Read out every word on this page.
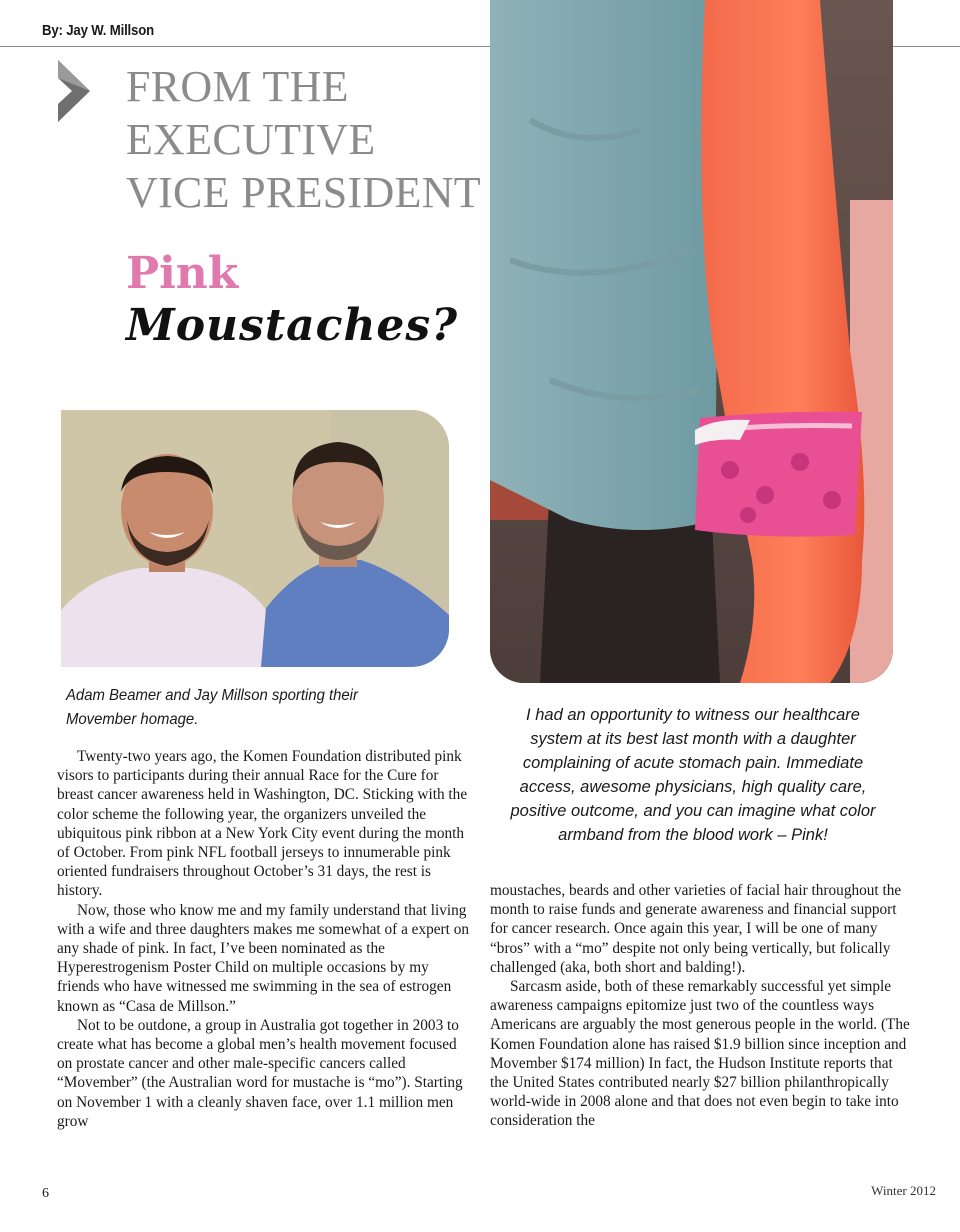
By: Jay W. Millson
FROM THE
EXECUTIVE
VICE PRESIDENT
Pink
Moustaches?

Adam Beamer and Jay Millson sporting their Movember homage.	I had an opportunity to witness our healthcare system at its best last month with a daughter complaining of acute stomach pain. Immediate access, awesome physicians, high quality care, positive outcome, and you can imagine what color armband from the blood work – Pink!

Twenty-two years ago, the Komen Foundation distributed pink visors to participants during their annual Race for the Cure for breast cancer awareness held in Washington, DC. Sticking with the color scheme the following year, the organizers unveiled the ubiquitous pink ribbon at a New York City event during the month of October. From pink NFL football jerseys to innumerable pink oriented fundraisers throughout October’s 31 days, the rest is history.

Now, those who know me and my family understand that living with a wife and three daughters makes me somewhat of a expert on any shade of pink. In fact, I’ve been nominated as the Hyperestrogenism Poster Child on multiple occasions by my friends who have witnessed me swimming in the sea of estrogen known as “Casa de Millson.”

Not to be outdone, a group in Australia got together in 2003 to create what has become a global men’s health movement focused on prostate cancer and other male-specific cancers called “Movember” (the Australian word for mustache is “mo”). Starting on November 1 with a cleanly shaven face, over 1.1 million men grow

moustaches, beards and other varieties of facial hair throughout the month to raise funds and generate awareness and financial support for cancer research. Once again this year, I will be one of many “bros” with a “mo” despite not only being vertically, but folically challenged (aka, both short and balding!).

Sarcasm aside, both of these remarkably successful yet simple awareness campaigns epitomize just two of the countless ways Americans are arguably the most generous people in the world. (The Komen Foundation alone has raised $1.9 billion since inception and Movember $174 million) In fact, the Hudson Institute reports that the United States contributed nearly $27 billion philanthropically world-wide in 2008 alone and that does not even begin to take into consideration the

6	Winter 2012
